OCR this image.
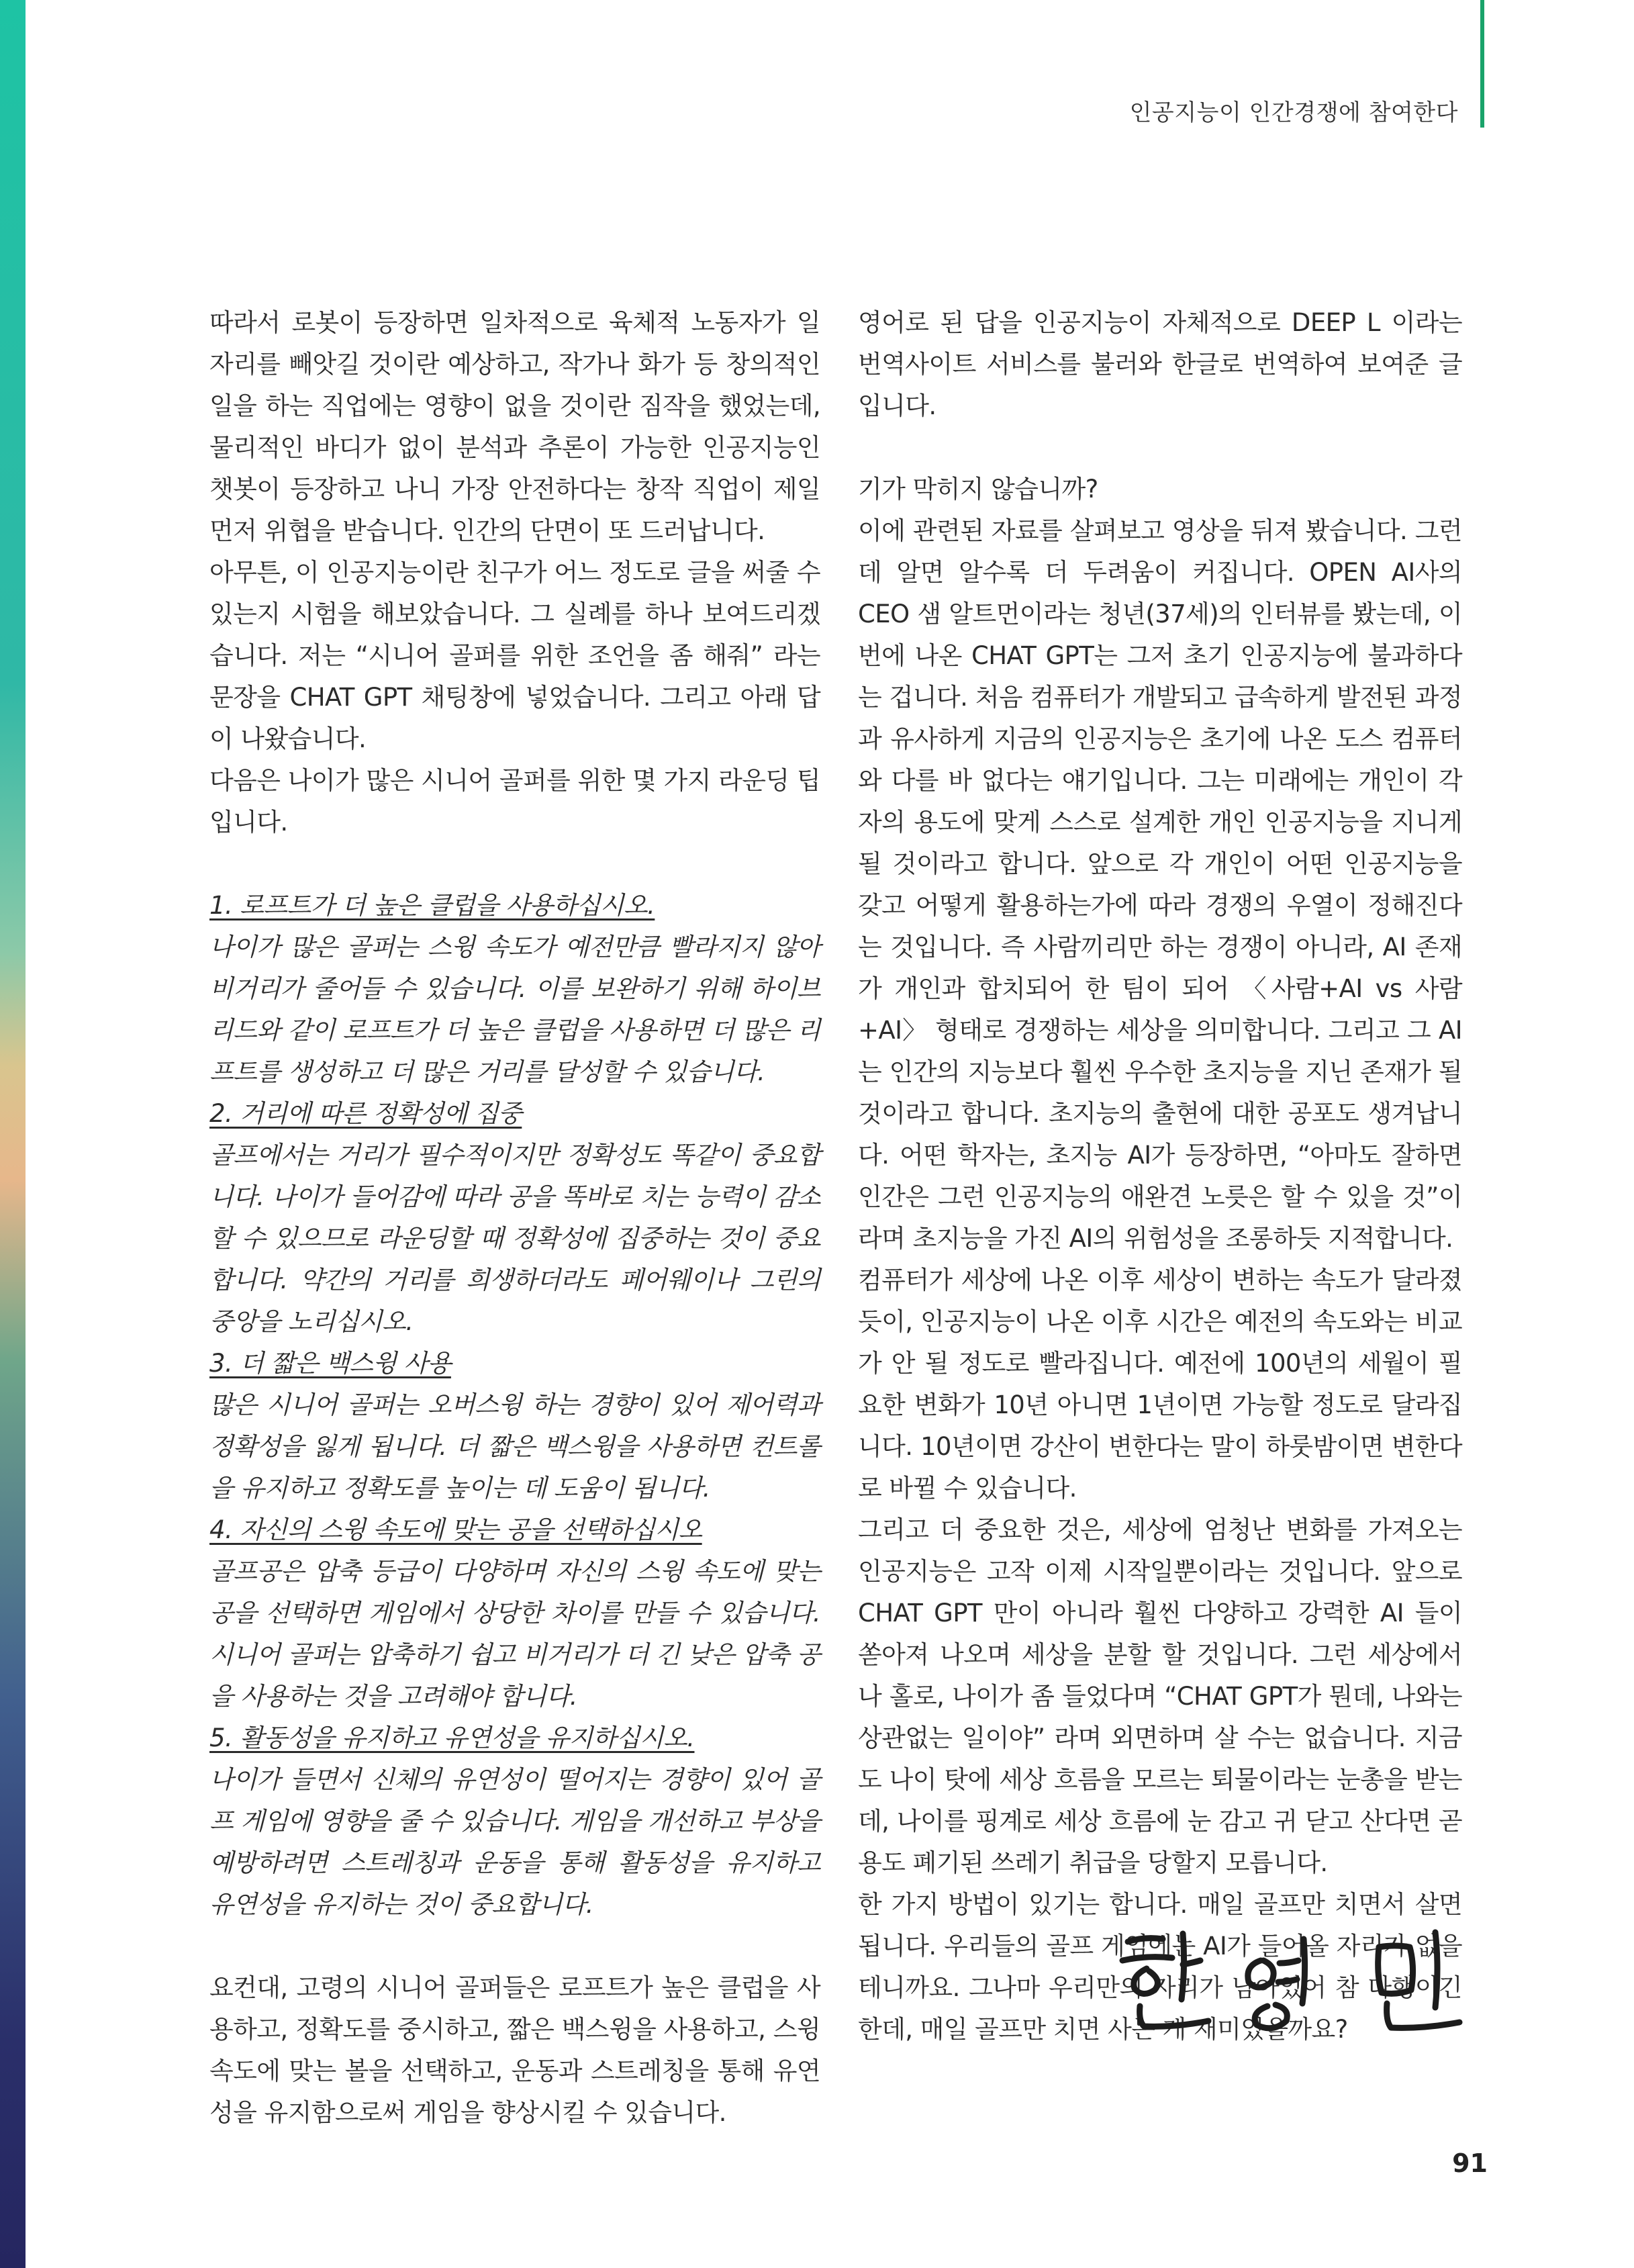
인공지능이 인간경쟁에 참여한다

따라서 로봇이 등장하면 일차적으로 육체적 노동자가 일자리를 빼앗길 것이란 예상하고, 작가나 화가 등 창의적인 일을 하는 직업에는 영향이 없을 것이란 짐작을 했었는데, 물리적인 바디가 없이 분석과 추론이 가능한 인공지능인 챗봇이 등장하고 나니 가장 안전하다는 창작 직업이 제일 먼저 위협을 받습니다. 인간의 단면이 또 드러납니다.

아무튼, 이 인공지능이란 친구가 어느 정도로 글을 써줄 수 있는지 시험을 해보았습니다. 그 실례를 하나 보여드리겠습니다. 저는 “시니어 골퍼를 위한 조언을 좀 해줘” 라는 문장을 CHAT GPT 채팅창에 넣었습니다. 그리고 아래 답이 나왔습니다.

다음은 나이가 많은 시니어 골퍼를 위한 몇 가지 라운딩 팁입니다.

1. 로프트가 더 높은 클럽을 사용하십시오.

나이가 많은 골퍼는 스윙 속도가 예전만큼 빨라지지 않아 비거리가 줄어들 수 있습니다. 이를 보완하기 위해 하이브리드와 같이 로프트가 더 높은 클럽을 사용하면 더 많은 리프트를 생성하고 더 많은 거리를 달성할 수 있습니다.

2. 거리에 따른 정확성에 집중

골프에서는 거리가 필수적이지만 정확성도 똑같이 중요합니다. 나이가 들어감에 따라 공을 똑바로 치는 능력이 감소할 수 있으므로 라운딩할 때 정확성에 집중하는 것이 중요합니다. 약간의 거리를 희생하더라도 페어웨이나 그린의 중앙을 노리십시오.

3. 더 짧은 백스윙 사용

많은 시니어 골퍼는 오버스윙 하는 경향이 있어 제어력과 정확성을 잃게 됩니다. 더 짧은 백스윙을 사용하면 컨트롤을 유지하고 정확도를 높이는 데 도움이 됩니다.

4. 자신의 스윙 속도에 맞는 공을 선택하십시오

골프공은 압축 등급이 다양하며 자신의 스윙 속도에 맞는 공을 선택하면 게임에서 상당한 차이를 만들 수 있습니다. 시니어 골퍼는 압축하기 쉽고 비거리가 더 긴 낮은 압축 공을 사용하는 것을 고려해야 합니다.

5. 활동성을 유지하고 유연성을 유지하십시오.

나이가 들면서 신체의 유연성이 떨어지는 경향이 있어 골프 게임에 영향을 줄 수 있습니다. 게임을 개선하고 부상을 예방하려면 스트레칭과 운동을 통해 활동성을 유지하고 유연성을 유지하는 것이 중요합니다.

요컨대, 고령의 시니어 골퍼들은 로프트가 높은 클럽을 사용하고, 정확도를 중시하고, 짧은 백스윙을 사용하고, 스윙 속도에 맞는 볼을 선택하고, 운동과 스트레칭을 통해 유연성을 유지함으로써 게임을 향상시킬 수 있습니다.

영어로 된 답을 인공지능이 자체적으로 DEEP L 이라는 번역사이트 서비스를 불러와 한글로 번역하여 보여준 글입니다.

기가 막히지 않습니까?

이에 관련된 자료를 살펴보고 영상을 뒤져 봤습니다. 그런데 알면 알수록 더 두려움이 커집니다. OPEN AI사의 CEO 샘 알트먼이라는 청년(37세)의 인터뷰를 봤는데, 이번에 나온 CHAT GPT는 그저 초기 인공지능에 불과하다는 겁니다. 처음 컴퓨터가 개발되고 급속하게 발전된 과정과 유사하게 지금의 인공지능은 초기에 나온 도스 컴퓨터와 다를 바 없다는 얘기입니다. 그는 미래에는 개인이 각자의 용도에 맞게 스스로 설계한 개인 인공지능을 지니게 될 것이라고 합니다. 앞으로 각 개인이 어떤 인공지능을 갖고 어떻게 활용하는가에 따라 경쟁의 우열이 정해진다는 것입니다. 즉 사람끼리만 하는 경쟁이 아니라, AI 존재가 개인과 합치되어 한 팀이 되어 〈사람+AI vs 사람+AI〉 형태로 경쟁하는 세상을 의미합니다. 그리고 그 AI는 인간의 지능보다 훨씬 우수한 초지능을 지닌 존재가 될 것이라고 합니다. 초지능의 출현에 대한 공포도 생겨납니다. 어떤 학자는, 초지능 AI가 등장하면, “아마도 잘하면 인간은 그런 인공지능의 애완견 노릇은 할 수 있을 것”이라며 초지능을 가진 AI의 위험성을 조롱하듯 지적합니다.

컴퓨터가 세상에 나온 이후 세상이 변하는 속도가 달라졌듯이, 인공지능이 나온 이후 시간은 예전의 속도와는 비교가 안 될 정도로 빨라집니다. 예전에 100년의 세월이 필요한 변화가 10년 아니면 1년이면 가능할 정도로 달라집니다. 10년이면 강산이 변한다는 말이 하룻밤이면 변한다로 바뀔 수 있습니다.

그리고 더 중요한 것은, 세상에 엄청난 변화를 가져오는 인공지능은 고작 이제 시작일뿐이라는 것입니다. 앞으로 CHAT GPT 만이 아니라 훨씬 다양하고 강력한 AI 들이 쏟아져 나오며 세상을 분할 할 것입니다. 그런 세상에서 나 홀로, 나이가 좀 들었다며 “CHAT GPT가 뭔데, 나와는 상관없는 일이야” 라며 외면하며 살 수는 없습니다. 지금도 나이 탓에 세상 흐름을 모르는 퇴물이라는 눈총을 받는데, 나이를 핑계로 세상 흐름에 눈 감고 귀 닫고 산다면 곧 용도 폐기된 쓰레기 취급을 당할지 모릅니다.

한 가지 방법이 있기는 합니다. 매일 골프만 치면서 살면 됩니다. 우리들의 골프 게임에는 AI가 들어올 자리가 없을 테니까요. 그나마 우리만의 자리가 남아있어 참 다행이긴 한데, 매일 골프만 치면 사는 게 재미있을까요?

91
